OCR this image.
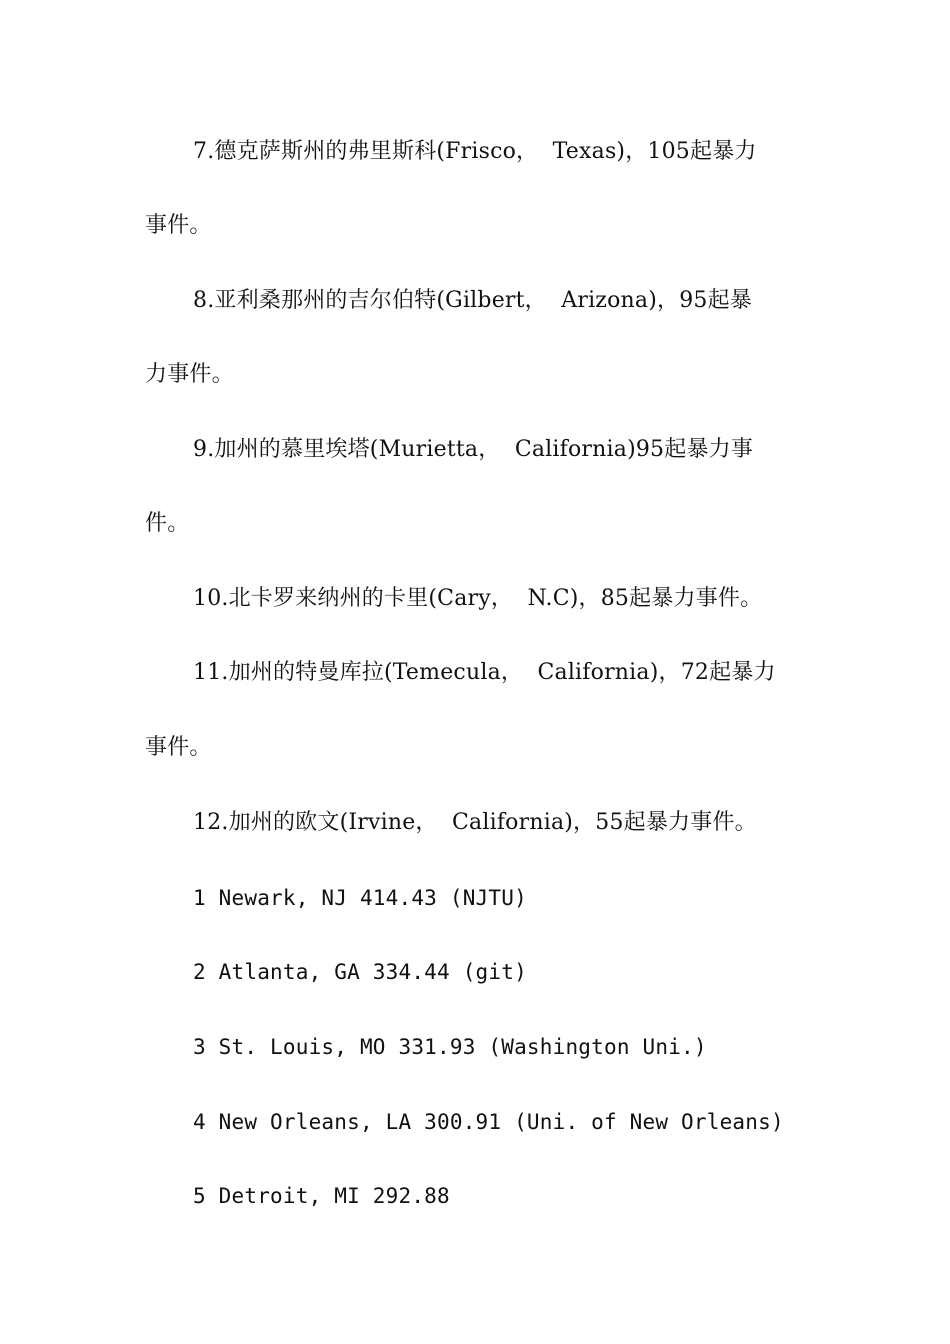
7.德克萨斯州的弗里斯科(Frisco，  Texas)，105起暴力
事件。
8.亚利桑那州的吉尔伯特(Gilbert，  Arizona)，95起暴
力事件。
9.加州的慕里埃塔(Murietta，  California)95起暴力事
件。
10.北卡罗来纳州的卡里(Cary，  N.C)，85起暴力事件。
11.加州的特曼库拉(Temecula，  California)，72起暴力
事件。
12.加州的欧文(Irvine，  California)，55起暴力事件。
1 Newark, NJ 414.43 (NJTU)
2 Atlanta, GA 334.44 (git)
3 St. Louis, MO 331.93 (Washington Uni.)
4 New Orleans, LA 300.91 (Uni. of New Orleans)
5 Detroit, MI 292.88
